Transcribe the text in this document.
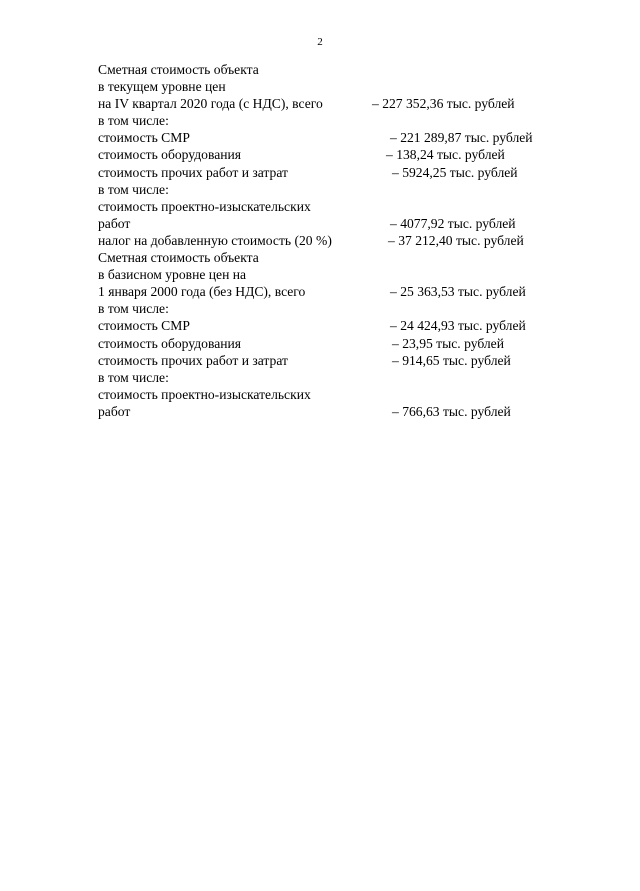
2
Сметная стоимость объекта
в текущем уровне цен
на IV квартал 2020 года (с НДС), всего	– 227 352,36 тыс. рублей
в том числе:
стоимость СМР	– 221 289,87 тыс. рублей
стоимость оборудования	– 138,24 тыс. рублей
стоимость прочих работ и затрат	– 5924,25 тыс. рублей
в том числе:
стоимость проектно-изыскательских
работ	– 4077,92 тыс. рублей
налог на добавленную стоимость (20 %)	– 37 212,40 тыс. рублей
Сметная стоимость объекта
в базисном уровне цен на
1 января 2000 года (без НДС), всего	– 25 363,53 тыс. рублей
в том числе:
стоимость СМР	– 24 424,93 тыс. рублей
стоимость оборудования	– 23,95 тыс. рублей
стоимость прочих работ и затрат	– 914,65 тыс. рублей
в том числе:
стоимость проектно-изыскательских
работ	– 766,63 тыс. рублей
